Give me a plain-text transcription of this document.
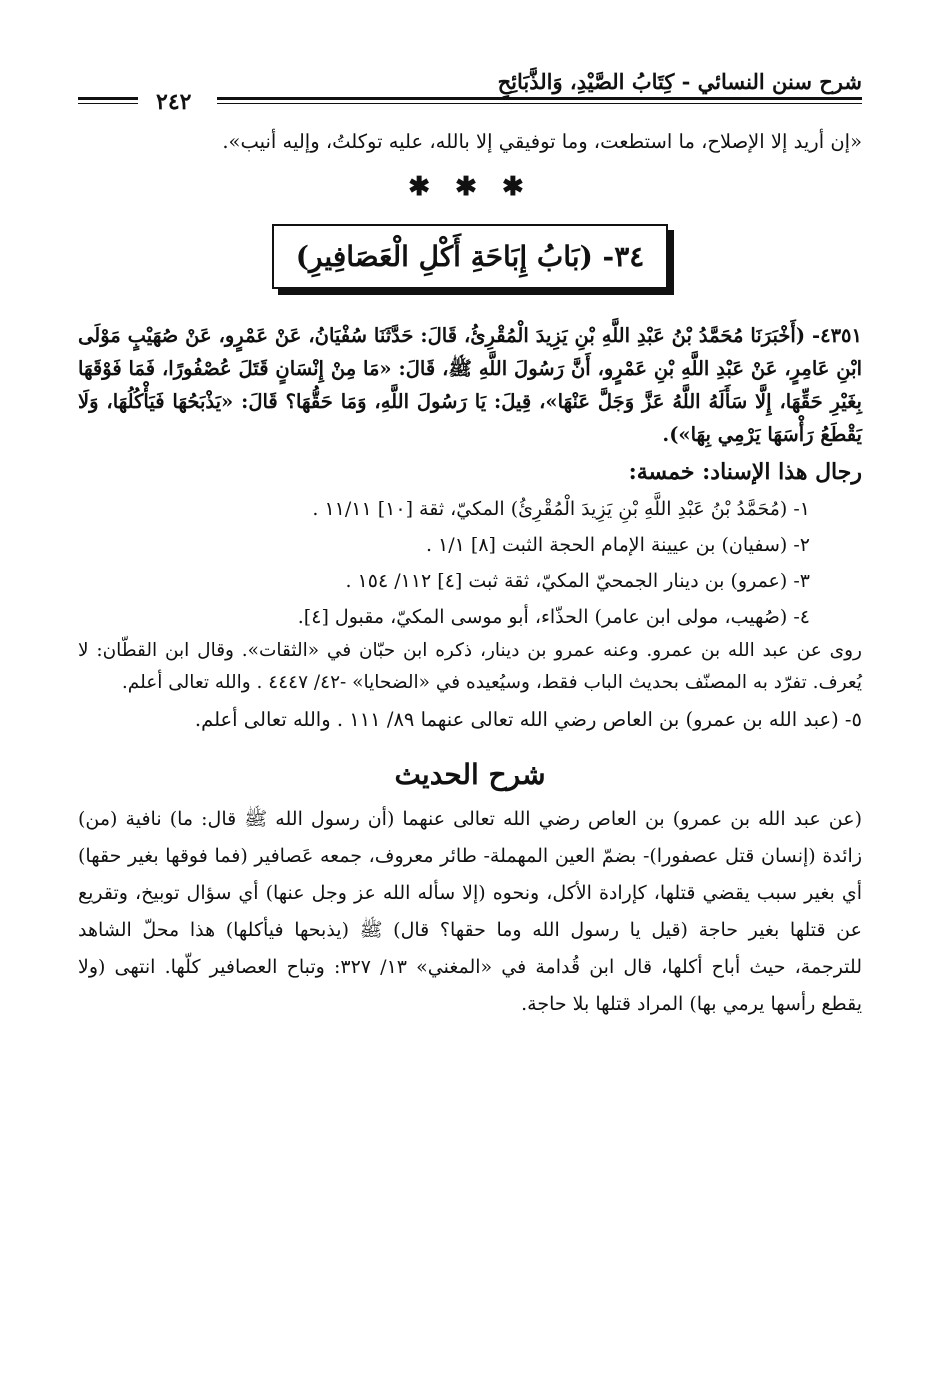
شرح سنن النسائي - كِتَابُ الصَّيْدِ، وَالذَّبَائِحِ
٢٤٢

«إن أريد إلا الإصلاح، ما استطعت، وما توفيقي إلا بالله، عليه توكلتُ، وإليه أنيب».

✱ ✱ ✱
٣٤- (بَابُ إِبَاحَةِ أَكْلِ الْعَصَافِيرِ)

٤٣٥١- (أَخْبَرَنَا مُحَمَّدُ بْنُ عَبْدِ اللَّهِ بْنِ يَزِيدَ الْمُقْرِئُ، قَالَ: حَدَّثَنَا سُفْيَانُ، عَنْ عَمْرٍو، عَنْ صُهَيْبٍ مَوْلَى ابْنِ عَامِرٍ، عَنْ عَبْدِ اللَّهِ بْنِ عَمْرٍو، أَنَّ رَسُولَ اللَّهِ ﷺ، قَالَ: «مَا مِنْ إِنْسَانٍ قَتَلَ عُصْفُورًا، فَمَا فَوْقَهَا بِغَيْرِ حَقِّهَا، إِلَّا سَأَلَهُ اللَّهُ عَزَّ وَجَلَّ عَنْهَا»، قِيلَ: يَا رَسُولَ اللَّهِ، وَمَا حَقُّهَا؟ قَالَ: «يَذْبَحُهَا فَيَأْكُلُهَا، وَلَا يَقْطَعُ رَأْسَهَا يَرْمِي بِهَا»).

رجال هذا الإسناد: خمسة:
١- (مُحَمَّدُ بْنُ عَبْدِ اللَّهِ بْنِ يَزِيدَ الْمُقْرِئُ) المكيّ، ثقة [١٠] ١١/١١ .
٢- (سفيان) بن عيينة الإمام الحجة الثبت [٨] ١/١ .
٣- (عمرو) بن دينار الجمحيّ المكيّ، ثقة ثبت [٤] ١١٢/ ١٥٤ .
٤- (صُهيب، مولى ابن عامر) الحذّاء، أبو موسى المكيّ، مقبول [٤].

روى عن عبد الله بن عمرو. وعنه عمرو بن دينار، ذكره ابن حبّان في «الثقات». وقال ابن القطّان: لا يُعرف. تفرّد به المصنّف بحديث الباب فقط، وسيُعيده في «الضحايا» -٤٢/ ٤٤٤٧ . والله تعالى أعلم.

٥- (عبد الله بن عمرو) بن العاص رضي الله تعالى عنهما ٨٩/ ١١١ . والله تعالى أعلم.

شرح الحديث

(عن عبد الله بن عمرو) بن العاص رضي الله تعالى عنهما (أن رسول الله ﷺ قال: ما) نافية (من) زائدة (إنسان قتل عصفورا)- بضمّ العين المهملة- طائر معروف، جمعه عَصافير (فما فوقها بغير حقها) أي بغير سبب يقضي قتلها، كإرادة الأكل، ونحوه (إلا سأله الله عز وجل عنها) أي سؤال توبيخ، وتقريع عن قتلها بغير حاجة (قيل يا رسول الله وما حقها؟ قال) ﷺ (يذبحها فيأكلها) هذا محلّ الشاهد للترجمة، حيث أباح أكلها، قال ابن قُدامة في «المغني» ١٣/ ٣٢٧: وتباح العصافير كلّها. انتهى (ولا يقطع رأسها يرمي بها) المراد قتلها بلا حاجة.
